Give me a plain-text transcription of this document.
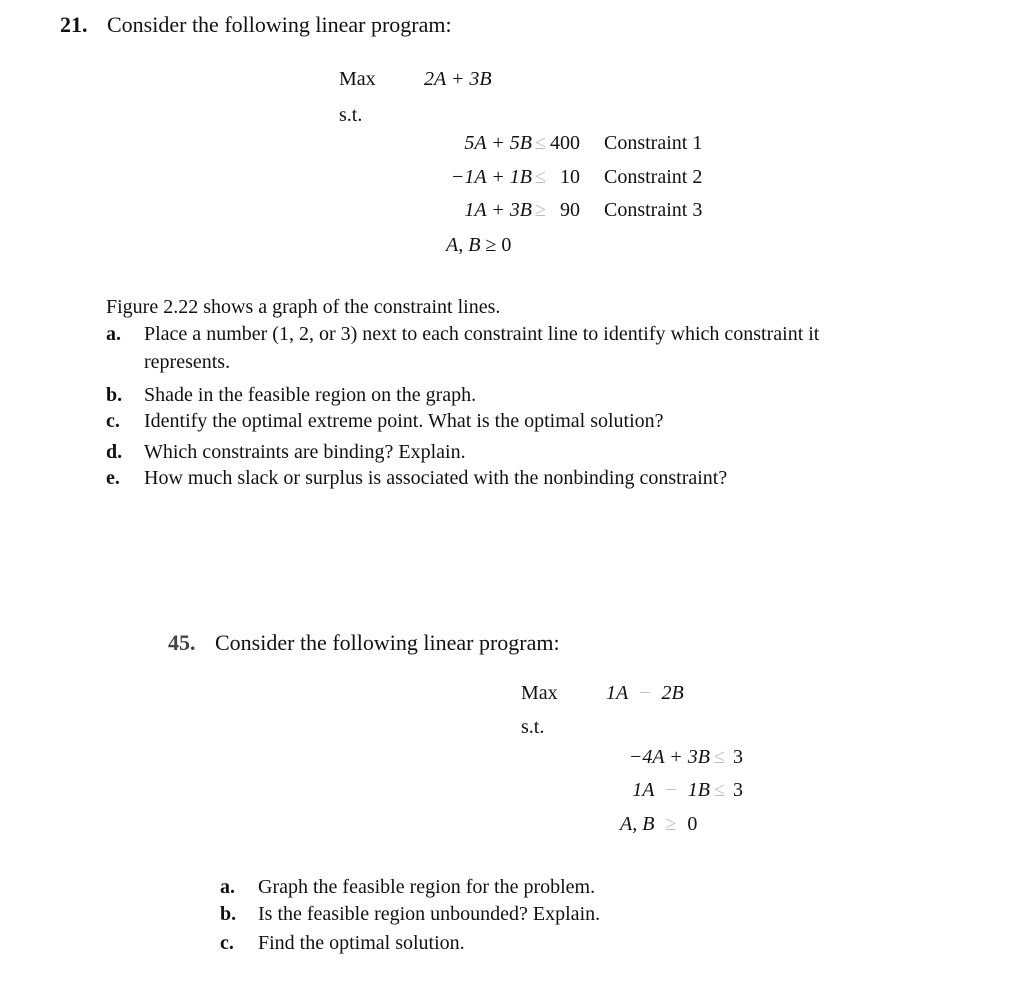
21. Consider the following linear program:
Max 2A + 3B
s.t.
5A + 5B ≤ 400 Constraint 1
−1A + 1B ≤ 10 Constraint 2
1A + 3B ≥ 90 Constraint 3
A, B ≥ 0
Figure 2.22 shows a graph of the constraint lines.
a. Place a number (1, 2, or 3) next to each constraint line to identify which constraint it
represents.
b. Shade in the feasible region on the graph.
c. Identify the optimal extreme point. What is the optimal solution?
d. Which constraints are binding? Explain.
e. How much slack or surplus is associated with the nonbinding constraint?
45. Consider the following linear program:
Max 1A − 2B
s.t.
−4A + 3B ≤ 3
1A − 1B ≤ 3
A, B ≥ 0
a. Graph the feasible region for the problem.
b. Is the feasible region unbounded? Explain.
c. Find the optimal solution.
